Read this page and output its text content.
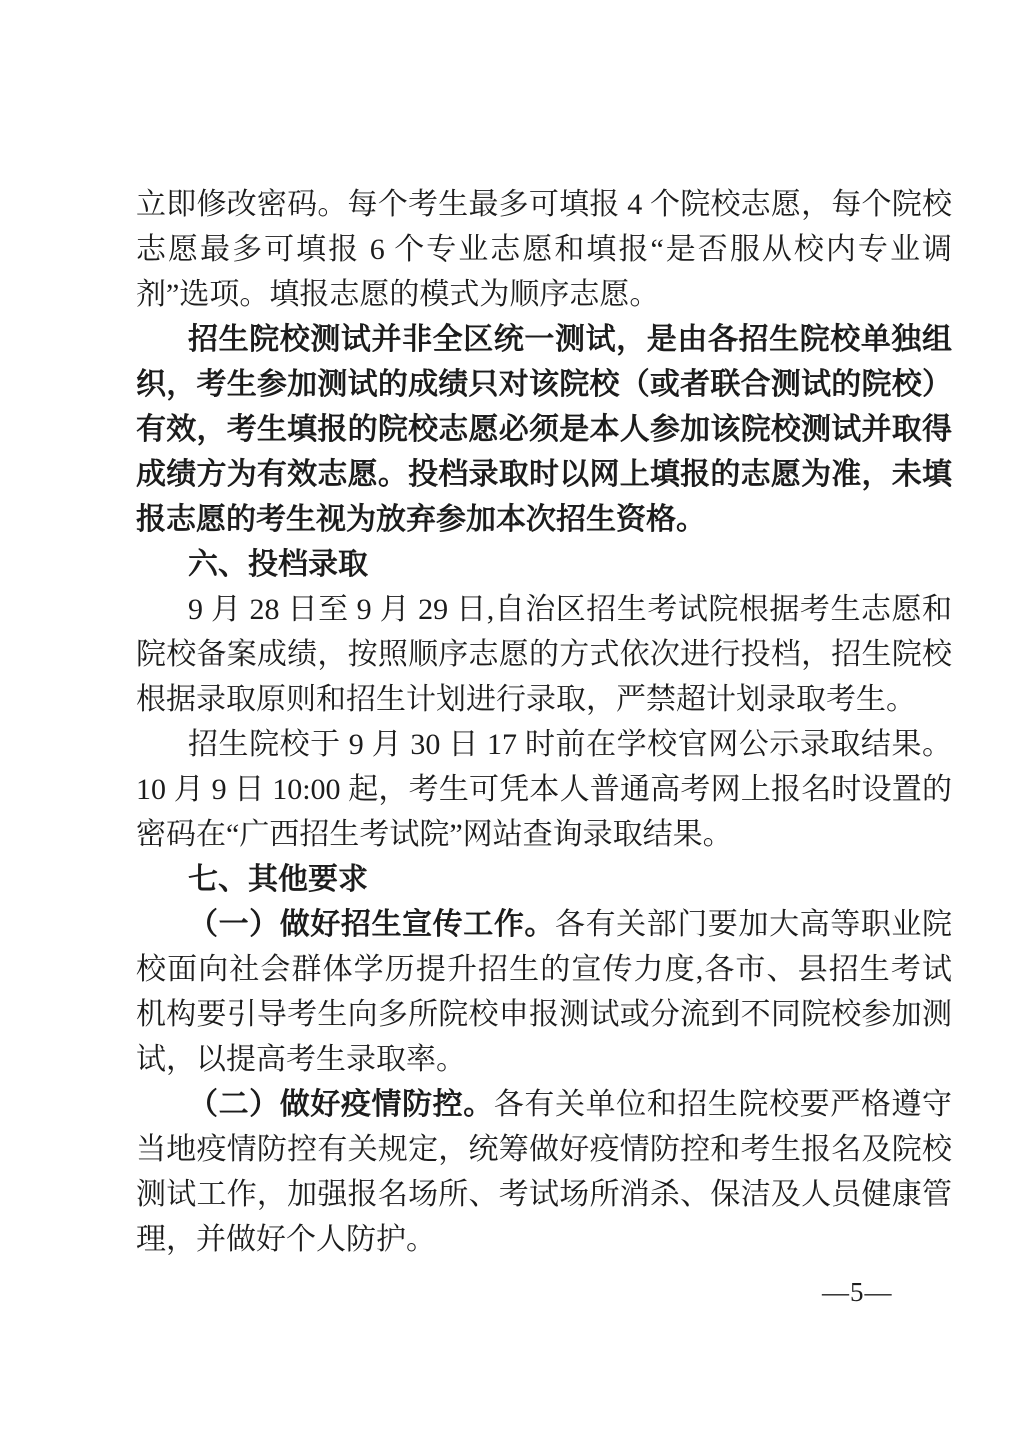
立即修改密码。每个考生最多可填报 4 个院校志愿，每个院校志愿最多可填报 6 个专业志愿和填报“是否服从校内专业调剂”选项。填报志愿的模式为顺序志愿。

招生院校测试并非全区统一测试，是由各招生院校单独组织，考生参加测试的成绩只对该院校（或者联合测试的院校）有效，考生填报的院校志愿必须是本人参加该院校测试并取得成绩方为有效志愿。投档录取时以网上填报的志愿为准，未填报志愿的考生视为放弃参加本次招生资格。

六、投档录取

9 月 28 日至 9 月 29 日,自治区招生考试院根据考生志愿和院校备案成绩，按照顺序志愿的方式依次进行投档，招生院校根据录取原则和招生计划进行录取，严禁超计划录取考生。

招生院校于 9 月 30 日 17 时前在学校官网公示录取结果。10 月 9 日 10:00 起，考生可凭本人普通高考网上报名时设置的密码在“广西招生考试院”网站查询录取结果。

七、其他要求

（一）做好招生宣传工作。各有关部门要加大高等职业院校面向社会群体学历提升招生的宣传力度,各市、县招生考试机构要引导考生向多所院校申报测试或分流到不同院校参加测试，以提高考生录取率。

（二）做好疫情防控。各有关单位和招生院校要严格遵守当地疫情防控有关规定，统筹做好疫情防控和考生报名及院校测试工作，加强报名场所、考试场所消杀、保洁及人员健康管理，并做好个人防护。

—5—
